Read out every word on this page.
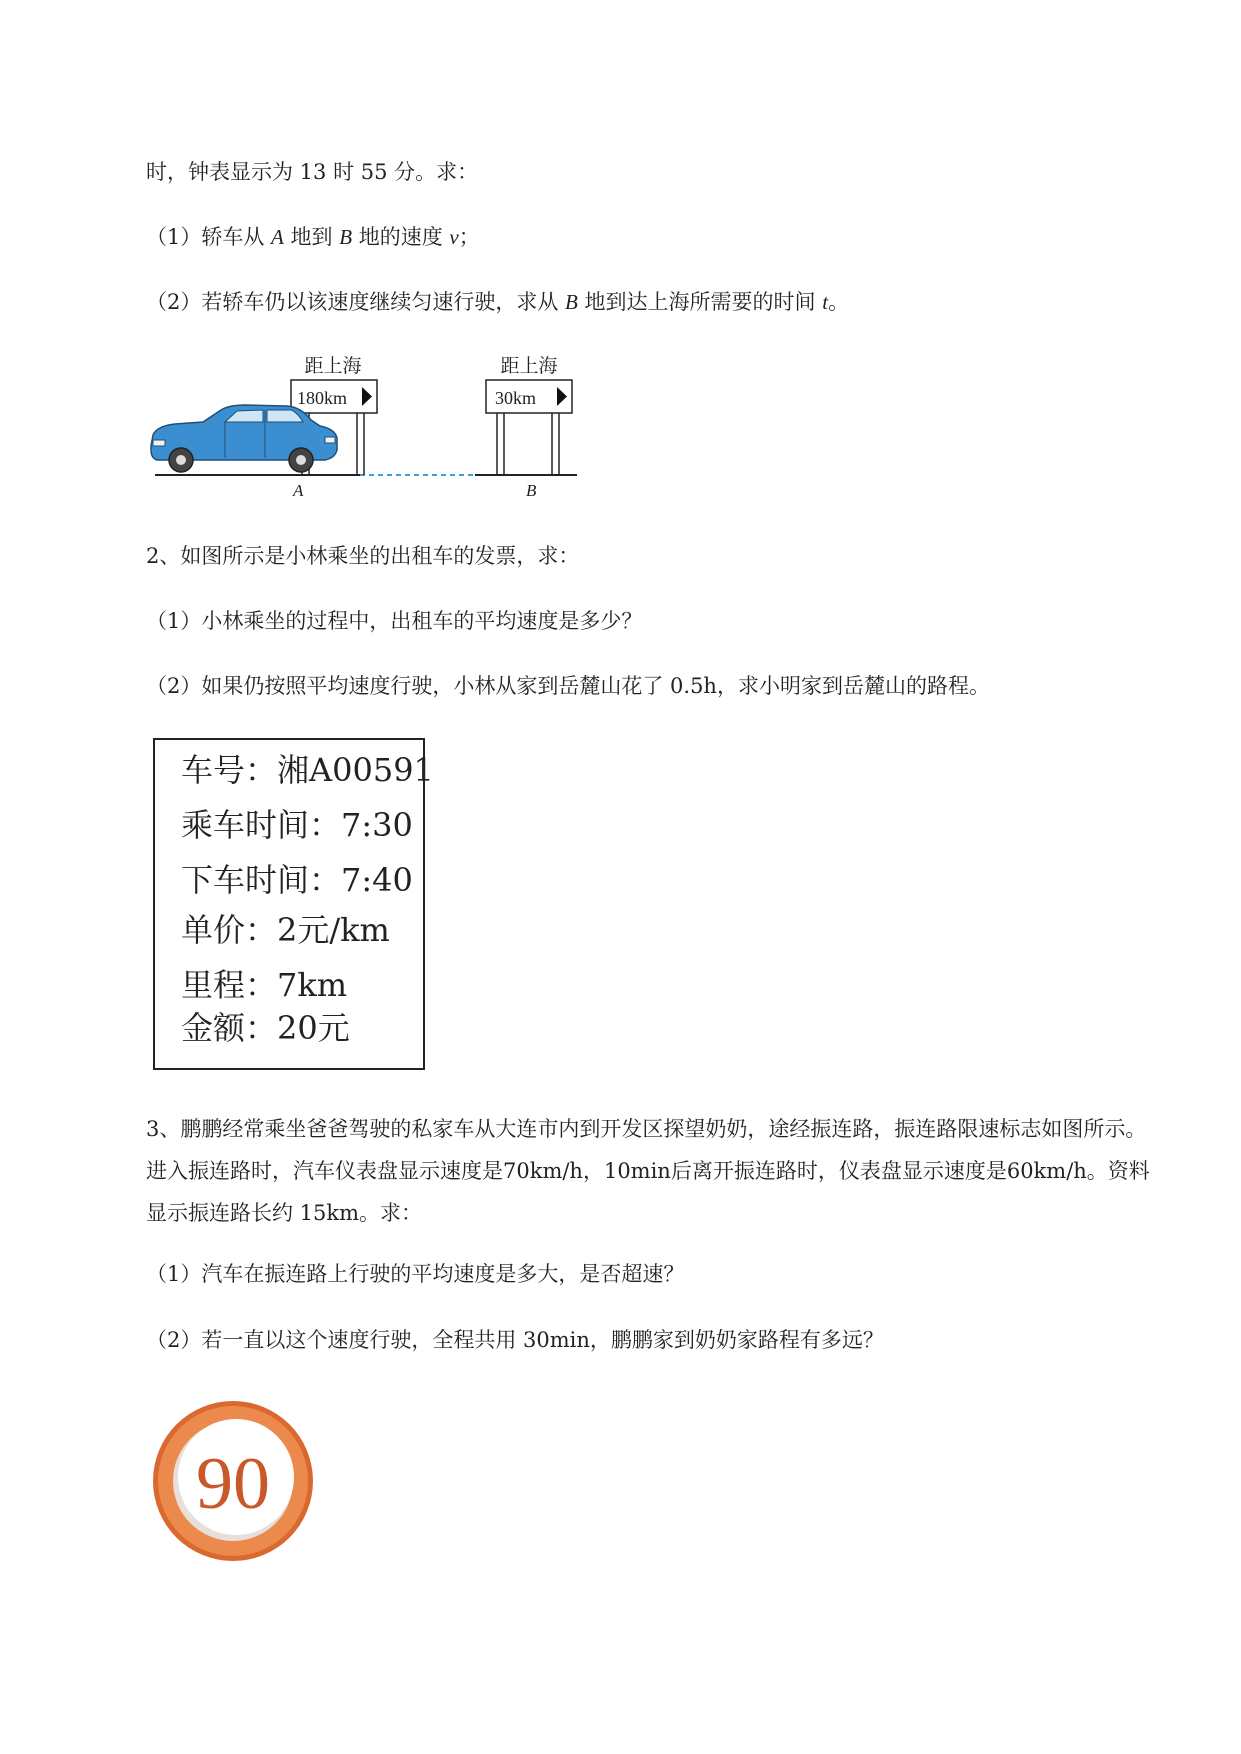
时，钟表显示为 13 时 55 分。求：
（1）轿车从 A 地到 B 地的速度 v；
（2）若轿车仍以该速度继续匀速行驶，求从 B 地到达上海所需要的时间 t。
距上海
180km
距上海
30km
A	B
2、如图所示是小林乘坐的出租车的发票，求：
（1）小林乘坐的过程中，出租车的平均速度是多少？
（2）如果仍按照平均速度行驶，小林从家到岳麓山花了 0.5h，求小明家到岳麓山的路程。
车号：湘A00591
乘车时间：7:30
下车时间：7:40
单价：2元/km
里程：7km
金额：20元
3、鹏鹏经常乘坐爸爸驾驶的私家车从大连市内到开发区探望奶奶，途经振连路，振连路限速标志如图所示。进入振连路时，汽车仪表盘显示速度是70km/h，10min后离开振连路时，仪表盘显示速度是60km/h。资料显示振连路长约 15km。求：
（1）汽车在振连路上行驶的平均速度是多大，是否超速？
（2）若一直以这个速度行驶，全程共用 30min，鹏鹏家到奶奶家路程有多远？
90
